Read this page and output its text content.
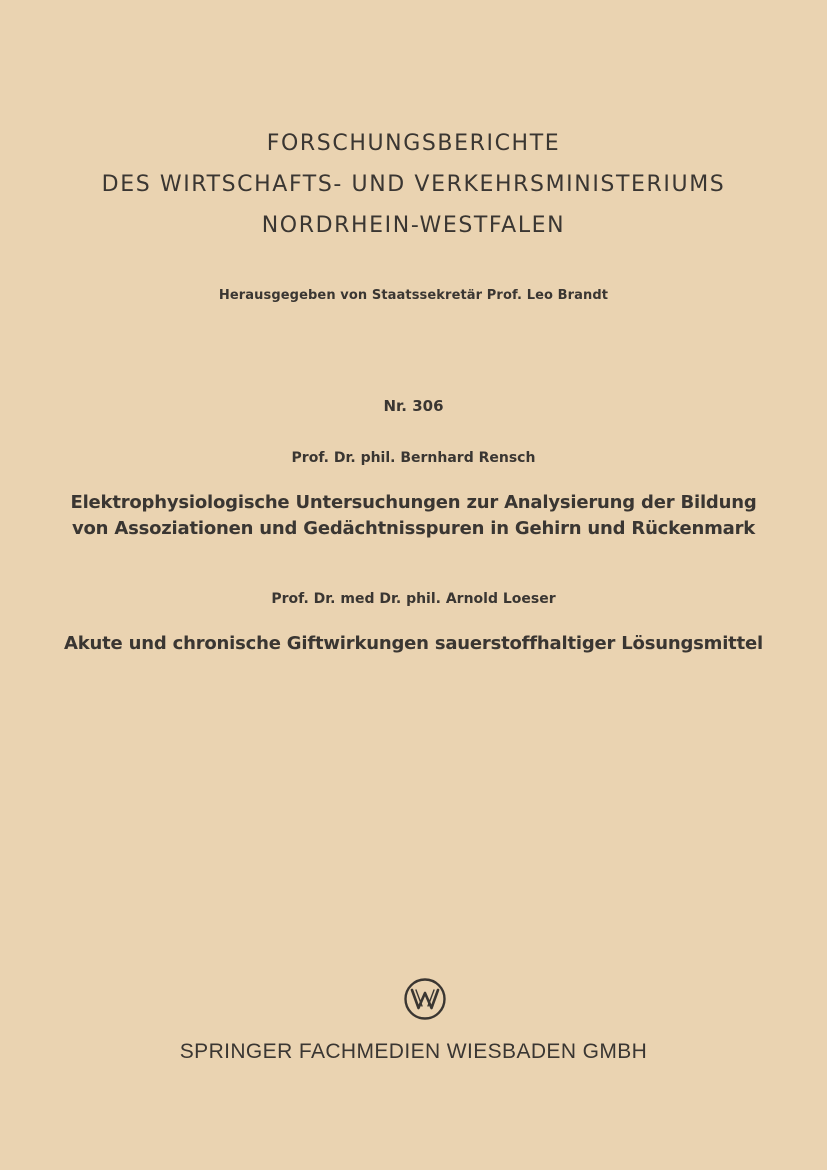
FORSCHUNGSBERICHTE
DES WIRTSCHAFTS- UND VERKEHRSMINISTERIUMS
NORDRHEIN-WESTFALEN
Herausgegeben von Staatssekretär Prof. Leo Brandt
Nr. 306
Prof. Dr. phil. Bernhard Rensch
Elektrophysiologische Untersuchungen zur Analysierung der Bildung
von Assoziationen und Gedächtnisspuren in Gehirn und Rückenmark
Prof. Dr. med Dr. phil. Arnold Loeser
Akute und chronische Giftwirkungen sauerstoffhaltiger Lösungsmittel
SPRINGER FACHMEDIEN WIESBADEN GMBH
